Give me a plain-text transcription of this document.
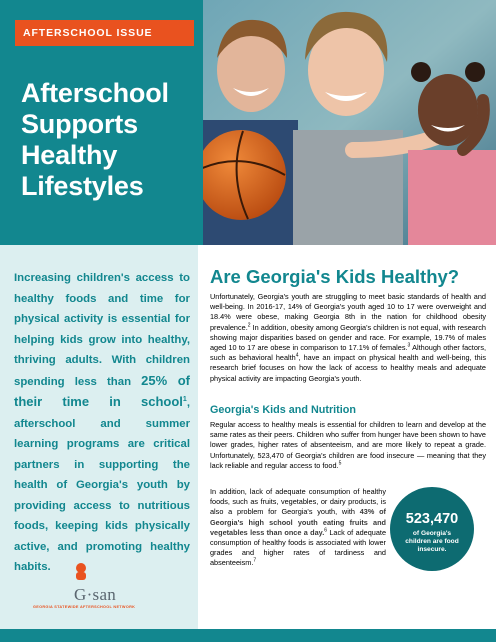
AFTERSCHOOL ISSUE
Afterschool
Supports
Healthy
Lifestyles
Increasing children's access to healthy foods and time for physical activity is essential for helping kids grow into healthy, thriving adults. With children spending less than 25% of their time in school$^1$, afterschool and summer learning programs are critical partners in supporting the health of Georgia's youth by providing access to nutritious foods, keeping kids physically active, and promoting healthy habits.
G·san
GEORGIA STATEWIDE AFTERSCHOOL NETWORK
Are Georgia's Kids Healthy?
Unfortunately, Georgia's youth are struggling to meet basic standards of health and well-being. In 2016-17, 14% of Georgia's youth aged 10 to 17 were overweight and 18.4% were obese, making Georgia 8th in the nation for childhood obesity prevalence.$^2$ In addition, obesity among Georgia's children is not equal, with research showing major disparities based on gender and race. For example, 19.7% of males aged 10 to 17 are obese in comparison to 17.1% of females.$^3$ Although other factors, such as behavioral health$^4$, have an impact on physical health and well-being, this research brief focuses on how the lack of access to healthy meals and adequate physical activity are impacting Georgia's youth.
Georgia's Kids and Nutrition
Regular access to healthy meals is essential for children to learn and develop at the same rates as their peers. Children who suffer from hunger have been shown to have lower grades, higher rates of absenteeism, and are more likely to repeat a grade. Unfortunately, 523,470 of Georgia's children are food insecure — meaning that they lack reliable and regular access to food.$^5$
In addition, lack of adequate consumption of healthy foods, such as fruits, vegetables, or dairy products, is also a problem for Georgia's youth, with 43% of Georgia's high school youth eating fruits and vegetables less than once a day.$^6$ Lack of adequate consumption of healthy foods is associated with lower grades and higher rates of tardiness and absenteeism.$^7$
523,470
of Georgia's children are food insecure.
